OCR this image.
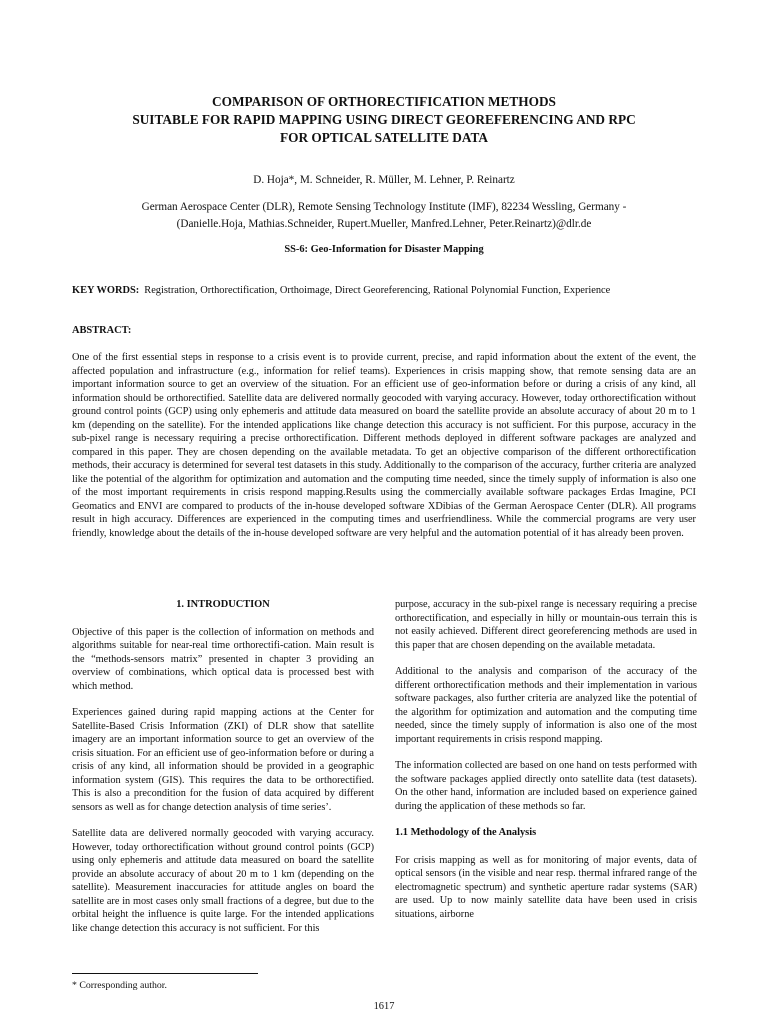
COMPARISON OF ORTHORECTIFICATION METHODS
SUITABLE FOR RAPID MAPPING USING DIRECT GEOREFERENCING AND RPC
FOR OPTICAL SATELLITE DATA
D. Hoja*, M. Schneider, R. Müller, M. Lehner, P. Reinartz
German Aerospace Center (DLR), Remote Sensing Technology Institute (IMF), 82234 Wessling, Germany -
(Danielle.Hoja, Mathias.Schneider, Rupert.Mueller, Manfred.Lehner, Peter.Reinartz)@dlr.de
SS-6: Geo-Information for Disaster Mapping
KEY WORDS: Registration, Orthorectification, Orthoimage, Direct Georeferencing, Rational Polynomial Function, Experience
ABSTRACT:

One of the first essential steps in response to a crisis event is to provide current, precise, and rapid information about the extent of the event, the affected population and infrastructure (e.g., information for relief teams). Experiences in crisis mapping show, that remote sensing data are an important information source to get an overview of the situation. For an efficient use of geo-information before or during a crisis of any kind, all information should be orthorectified. Satellite data are delivered normally geocoded with varying accuracy. However, today orthorectification without ground control points (GCP) using only ephemeris and attitude data measured on board the satellite provide an absolute accuracy of about 20 m to 1 km (depending on the satellite). For the intended applications like change detection this accuracy is not sufficient. For this purpose, accuracy in the sub-pixel range is necessary requiring a precise orthorectification. Different methods deployed in different software packages are analyzed and compared in this paper. They are chosen depending on the available metadata. To get an objective comparison of the different orthorectification methods, their accuracy is determined for several test datasets in this study. Additionally to the comparison of the accuracy, further criteria are analyzed like the potential of the algorithm for optimization and automation and the computing time needed, since the timely supply of information is also one of the most important requirements in crisis respond mapping.Results using the commercially available software packages Erdas Imagine, PCI Geomatics and ENVI are compared to products of the in-house developed software XDibias of the German Aerospace Center (DLR). All programs result in high accuracy. Differences are experienced in the computing times and userfriendliness. While the commercial programs are very user friendly, knowledge about the details of the in-house developed software are very helpful and the automation potential of it has already been proven.

1. INTRODUCTION

Objective of this paper is the collection of information on methods and algorithms suitable for near-real time orthorectifi-cation. Main result is the “methods-sensors matrix” presented in chapter 3 providing an overview of combinations, which optical data is processed best with which method.

Experiences gained during rapid mapping actions at the Center for Satellite-Based Crisis Information (ZKI) of DLR show that satellite imagery are an important information source to get an overview of the crisis situation. For an efficient use of geo-information before or during a crisis of any kind, all information should be provided in a geographic information system (GIS). This requires the data to be orthorectified. This is also a precondition for the fusion of data acquired by different sensors as well as for change detection analysis of time series’.

Satellite data are delivered normally geocoded with varying accuracy. However, today orthorectification without ground control points (GCP) using only ephemeris and attitude data measured on board the satellite provide an absolute accuracy of about 20 m to 1 km (depending on the satellite). Measurement inaccuracies for attitude angles on board the satellite are in most cases only small fractions of a degree, but due to the orbital height the influence is quite large. For the intended applications like change detection this accuracy is not sufficient. For this

purpose, accuracy in the sub-pixel range is necessary requiring a precise orthorectification, and especially in hilly or mountain-ous terrain this is not easily achieved. Different direct georeferencing methods are used in this paper that are chosen depending on the available metadata.

Additional to the analysis and comparison of the accuracy of the different orthorectification methods and their implementation in various software packages, also further criteria are analyzed like the potential of the algorithm for optimization and automation and the computing time needed, since the timely supply of information is also one of the most important requirements in crisis respond mapping.

The information collected are based on one hand on tests performed with the software packages applied directly onto satellite data (test datasets). On the other hand, information are included based on experience gained during the application of these methods so far.

1.1 Methodology of the Analysis

For crisis mapping as well as for monitoring of major events, data of optical sensors (in the visible and near resp. thermal infrared range of the electromagnetic spectrum) and synthetic aperture radar systems (SAR) are used. Up to now mainly satellite data have been used in crisis situations, airborne

* Corresponding author.
1617
